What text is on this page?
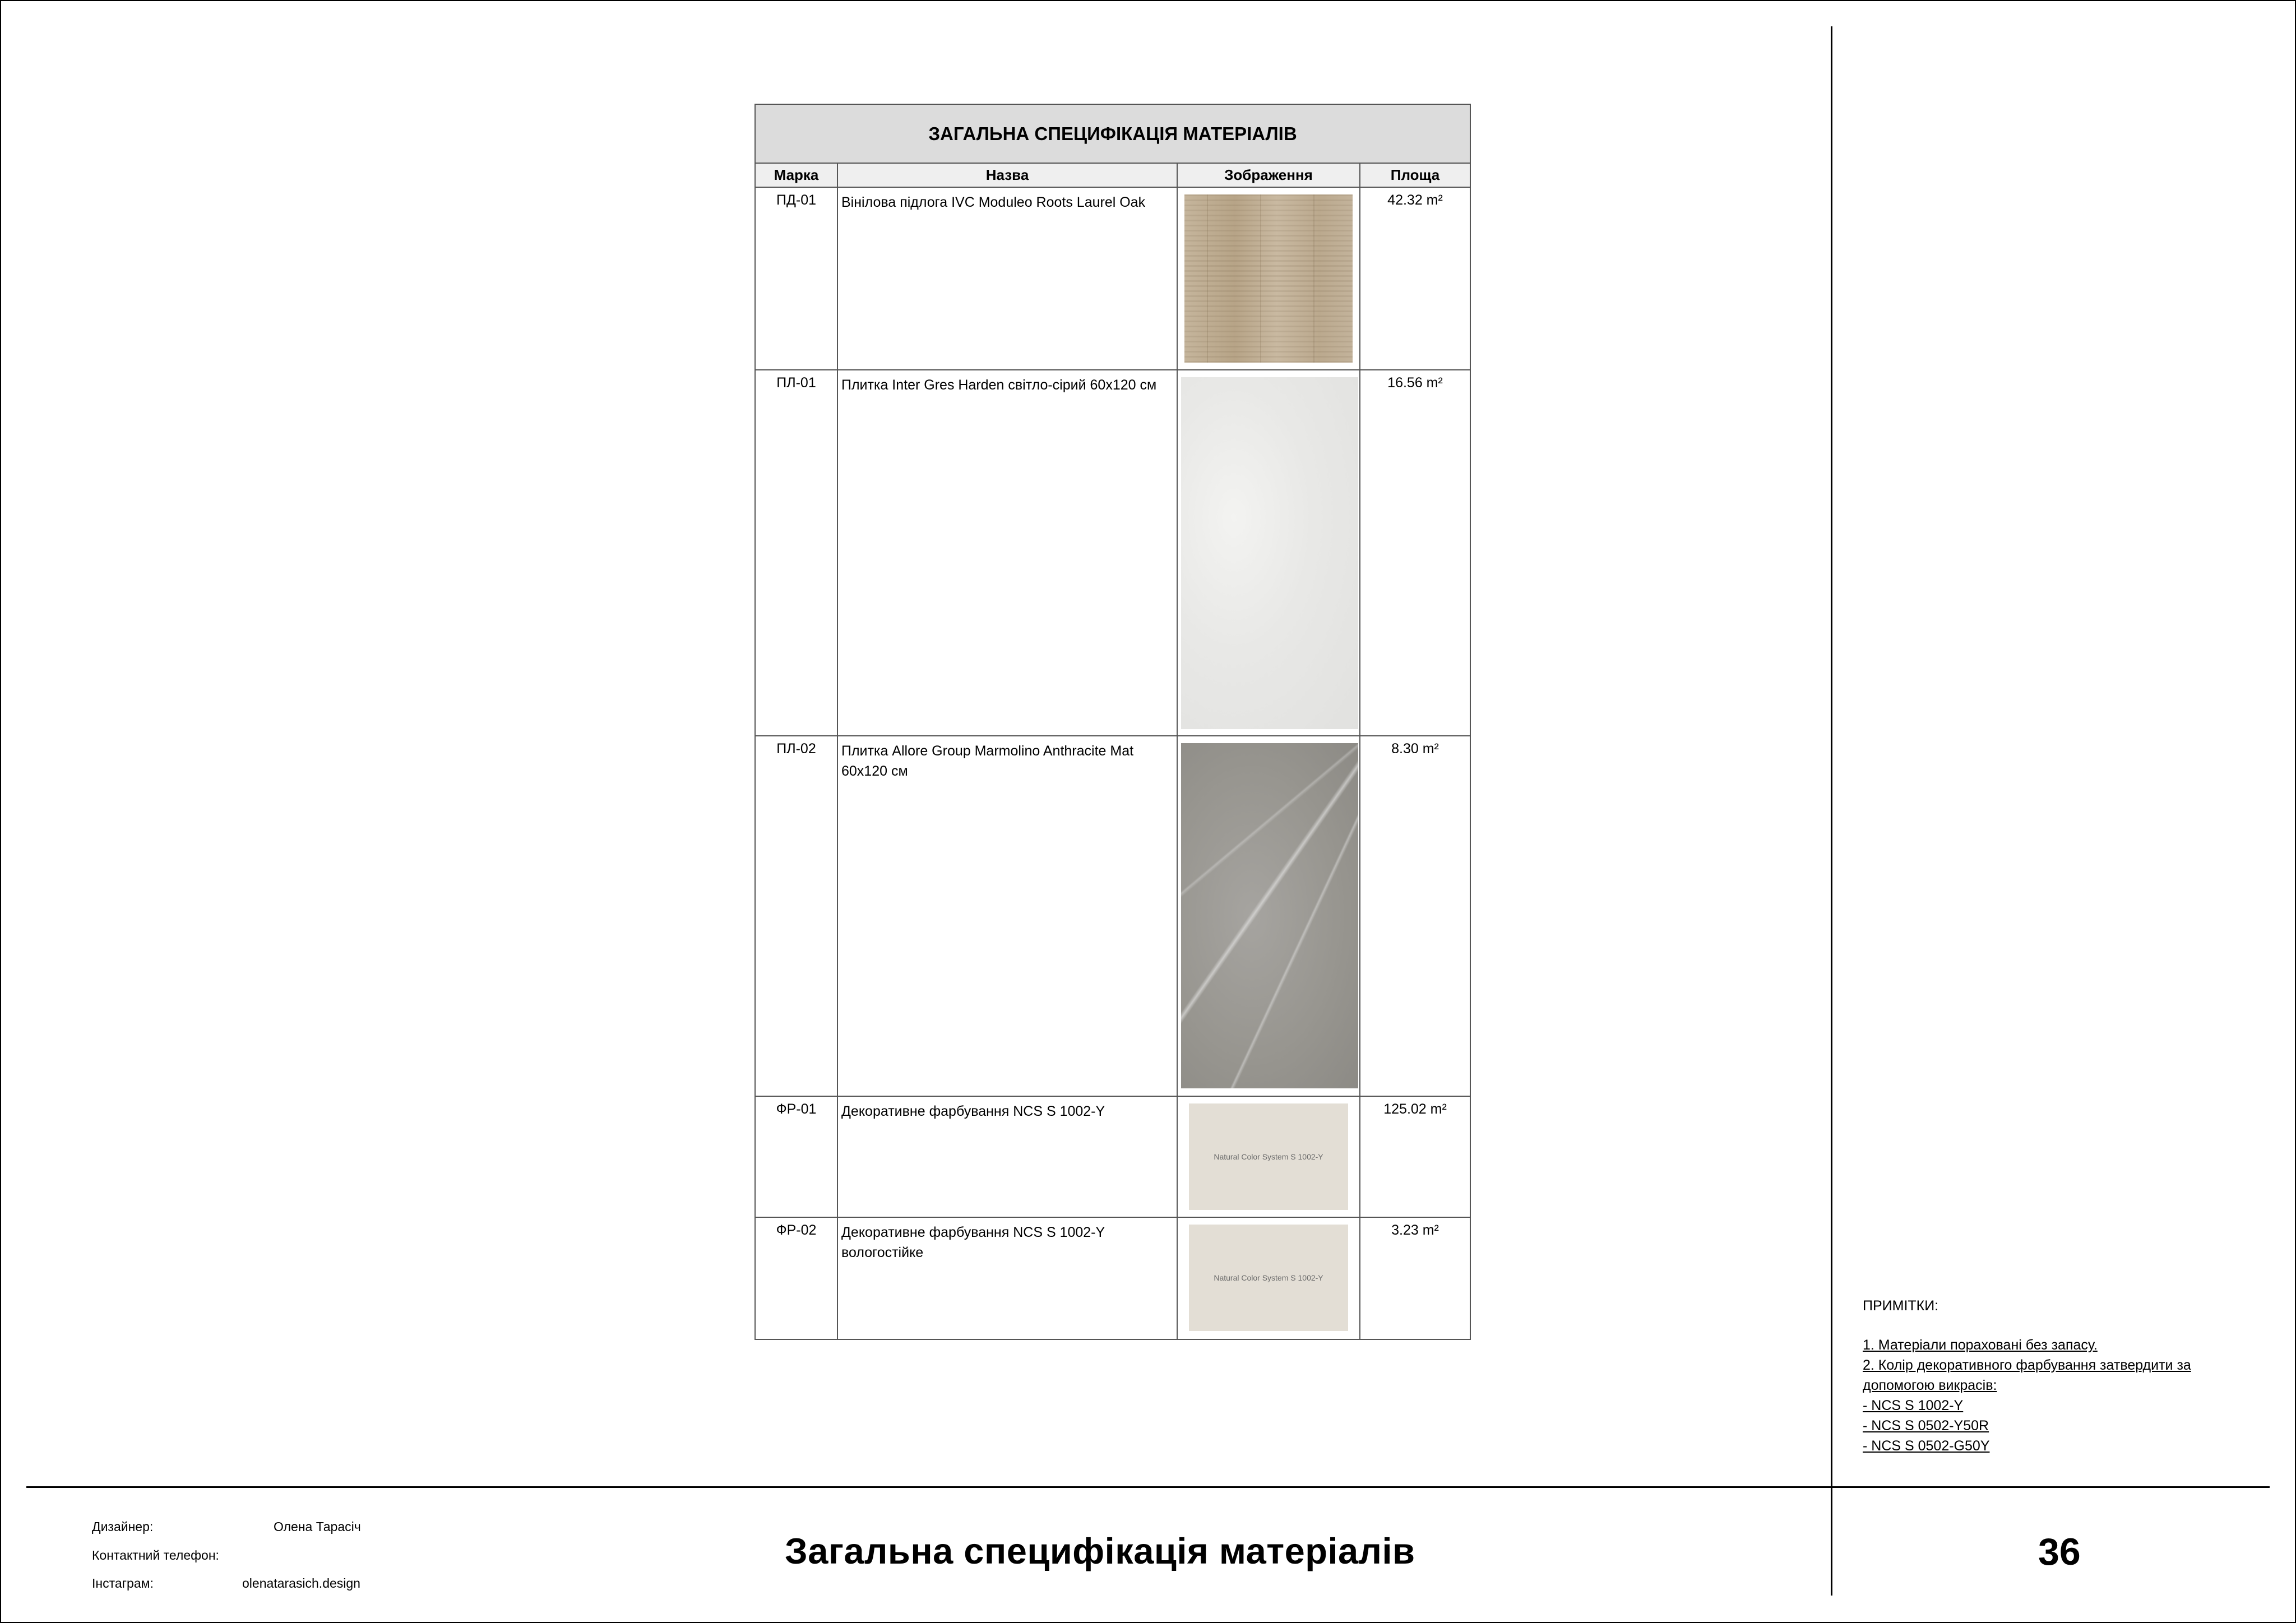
ЗАГАЛЬНА СПЕЦИФІКАЦІЯ МАТЕРІАЛІВ			
Марка	Назва	Зображення	Площа
ПД-01	Вінілова підлога IVC Moduleo Roots Laurel Oak		42.32 m²
ПЛ-01	Плитка Inter Gres Harden світло-сірий 60x120 см		16.56 m²
ПЛ-02	Плитка Allore Group Marmolino Anthracite Mat 60x120 см		8.30 m²
ФР-01	Декоративне фарбування NCS S 1002-Y	Natural Color System S 1002-Y	125.02 m²
ФР-02	Декоративне фарбування NCS S 1002-Y вологостійке	Natural Color System S 1002-Y	3.23 m²
ПРИМІТКИ:
1. Матеріали пораховані без запасу.
2. Колір декоративного фарбування затвердити за
допомогою викрасів:
- NCS S 1002-Y
- NCS S 0502-Y50R
- NCS S 0502-G50Y
Дизайнер:	Олена Тарасіч
Контактний телефон:
Інстаграм:	olenatarasich.design
Загальна специфікація матеріалів	36
